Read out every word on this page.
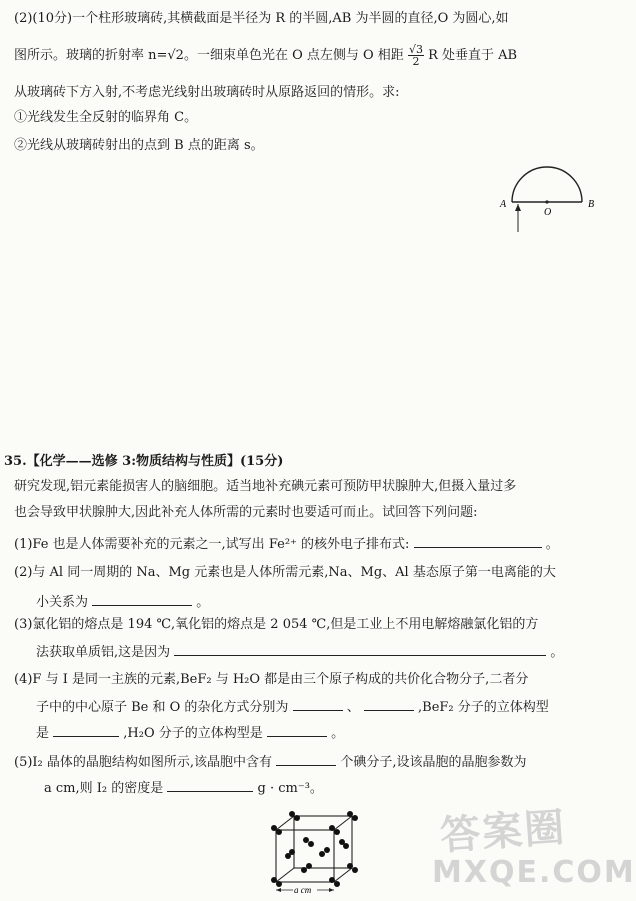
(2)(10分)一个柱形玻璃砖,其横截面是半径为 R 的半圆,AB 为半圆的直径,O 为圆心,如
图所示。玻璃的折射率 n=√2。一细束单色光在 O 点左侧与 O 相距 $\frac{√3}{2}$ R 处垂直于 AB
从玻璃砖下方入射,不考虑光线射出玻璃砖时从原路返回的情形。求:
①光线发生全反射的临界角 C。
②光线从玻璃砖射出的点到 B 点的距离 s。
A
O
B
35.【化学——选修 3:物质结构与性质】(15分)
研究发现,铝元素能损害人的脑细胞。适当地补充碘元素可预防甲状腺肿大,但摄入量过多
也会导致甲状腺肿大,因此补充人体所需的元素时也要适可而止。试回答下列问题:
(1)Fe 也是人体需要补充的元素之一,试写出 Fe²⁺ 的核外电子排布式:	。
(2)与 Al 同一周期的 Na、Mg 元素也是人体所需元素,Na、Mg、Al 基态原子第一电离能的大
小关系为	。
(3)氯化铝的熔点是 194 ℃,氧化铝的熔点是 2 054 ℃,但是工业上不用电解熔融氯化铝的方
法获取单质铝,这是因为	。
(4)F 与 I 是同一主族的元素,BeF₂ 与 H₂O 都是由三个原子构成的共价化合物分子,二者分
子中的中心原子 Be 和 O 的杂化方式分别为	、	,BeF₂ 分子的立体构型
是	,H₂O 分子的立体构型是	。
(5)I₂ 晶体的晶胞结构如图所示,该晶胞中含有	个碘分子,设该晶胞的晶胞参数为
a cm,则 I₂ 的密度是	g · cm⁻³。
a cm
答案圈
MXQE.COM
